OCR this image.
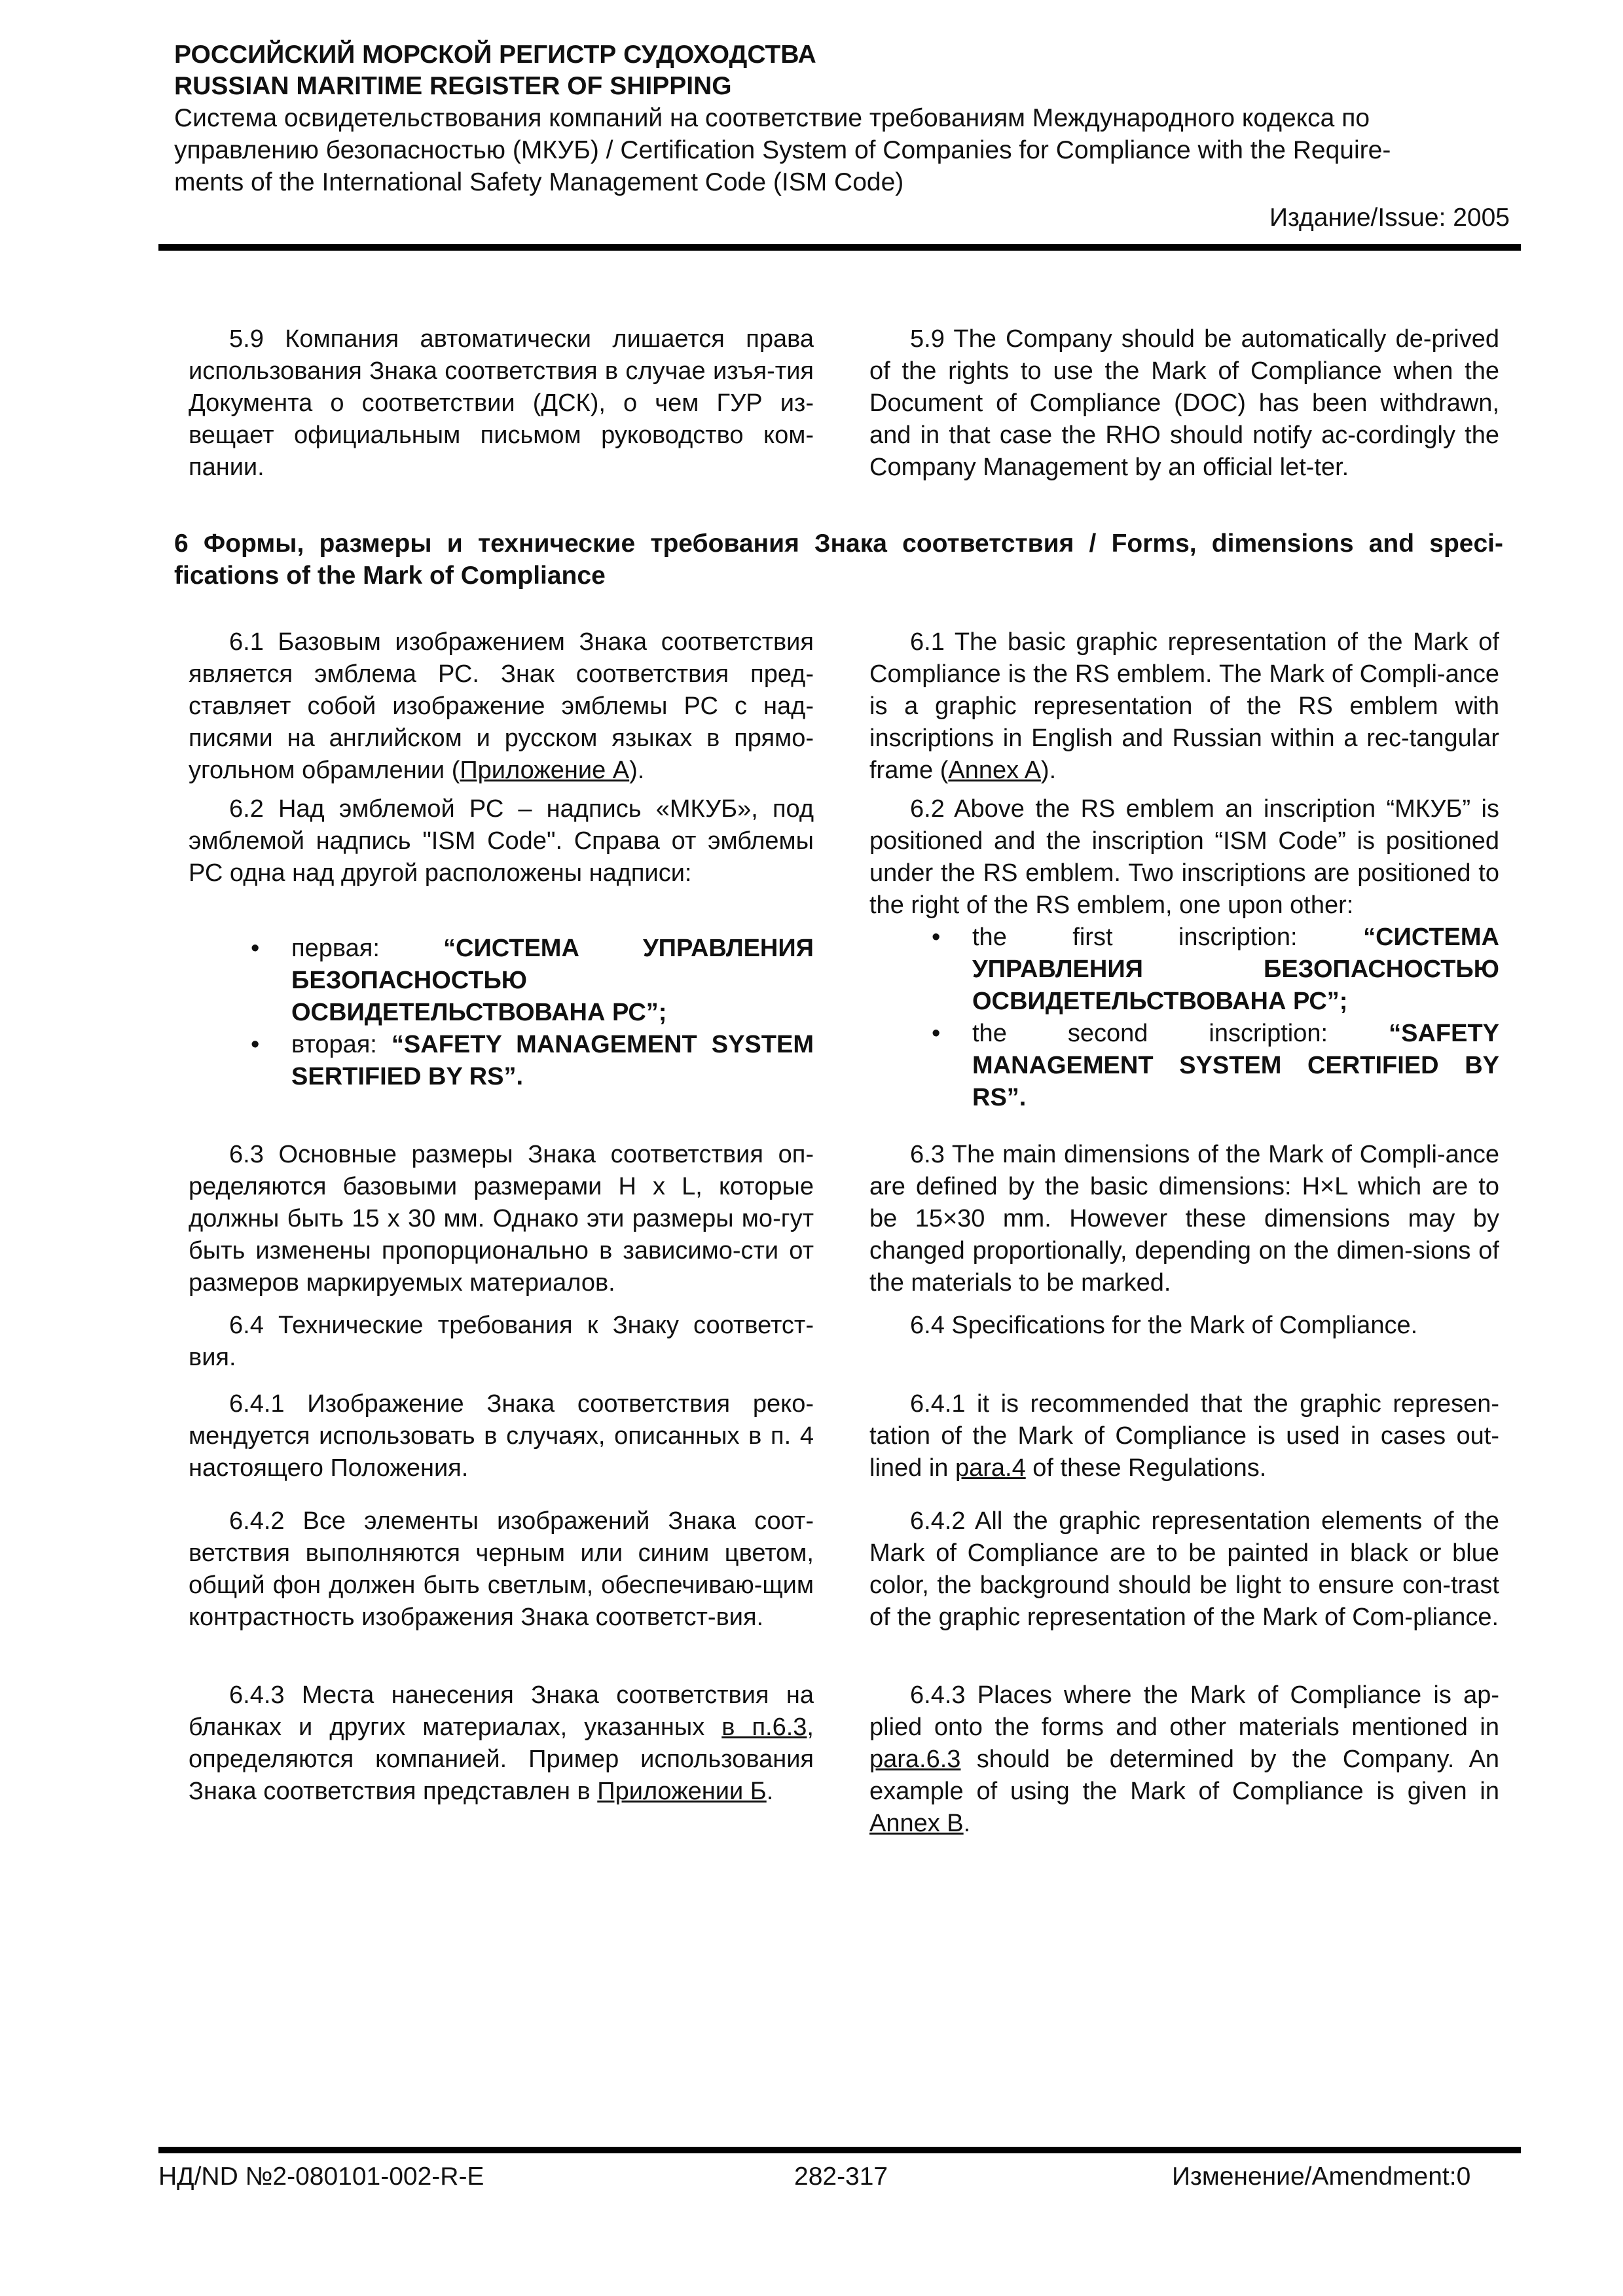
РОССИЙСКИЙ МОРСКОЙ РЕГИСТР СУДОХОДСТВА

RUSSIAN MARITIME REGISTER OF SHIPPING

Система освидетельствования компаний на соответствие требованиям Международного кодекса по

управлению безопасностью (МКУБ) / Certification System of Companies for Compliance with the Require-

ments of the International Safety Management Code (ISM Code)

Издание/Issue: 2005

5.9 Компания автоматически лишается права использования Знака соответствия в случае изъя-тия Документа о соответствии (ДСК), о чем ГУР из-вещает официальным письмом руководство ком-пании.

5.9 The Company should be automatically de-prived of the rights to use the Mark of Compliance when the Document of Compliance (DOC) has been withdrawn, and in that case the RHO should notify ac-cordingly the Company Management by an official let-ter.

6 Формы, размеры и технические требования Знака соответствия / Forms, dimensions and speci-fications of the Mark of Compliance

6.1 Базовым изображением Знака соответствия является эмблема РС. Знак соответствия пред-ставляет собой изображение эмблемы РС с над-писями на английском и русском языках в прямо-угольном обрамлении (Приложение А).

6.1 The basic graphic representation of the Mark of Compliance is the RS emblem. The Mark of Compli-ance is a graphic representation of the RS emblem with inscriptions in English and Russian within a rec-tangular frame (Annex A).

6.2 Над эмблемой РС – надпись «МКУБ», под эмблемой надпись "ISM Code". Справа от эмблемы РС одна над другой расположены надписи:

• первая: “СИСТЕМА УПРАВЛЕНИЯ БЕЗОПАСНОСТЬЮ ОСВИДЕТЕЛЬСТВОВАНА РС”;
• вторая: “SAFETY MANAGEMENT SYSTEM SERTIFIED BY RS”.

6.2 Above the RS emblem an inscription “МКУБ” is positioned and the inscription “ISM Code” is positioned under the RS emblem. Two inscriptions are positioned to the right of the RS emblem, one upon other:

• the first inscription: “СИСТЕМА УПРАВЛЕНИЯ БЕЗОПАСНОСТЬЮ ОСВИДЕТЕЛЬСТВОВАНА РС”;
• the second inscription: “SAFETY MANAGEMENT SYSTEM CERTIFIED BY RS”.

6.3 Основные размеры Знака соответствия оп-ределяются базовыми размерами H x L, которые должны быть 15 х 30 мм. Однако эти размеры мо-гут быть изменены пропорционально в зависимо-сти от размеров маркируемых материалов.

6.3 The main dimensions of the Mark of Compli-ance are defined by the basic dimensions: H×L which are to be 15×30 mm. However these dimensions may by changed proportionally, depending on the dimen-sions of the materials to be marked.

6.4 Технические требования к Знаку соответст-вия.

6.4 Specifications for the Mark of Compliance.

6.4.1 Изображение Знака соответствия реко-мендуется использовать в случаях, описанных в п. 4 настоящего Положения.

6.4.1 it is recommended that the graphic represen-tation of the Mark of Compliance is used in cases out-lined in para.4 of these Regulations.

6.4.2 Все элементы изображений Знака соот-ветствия выполняются черным или синим цветом, общий фон должен быть светлым, обеспечиваю-щим контрастность изображения Знака соответст-вия.

6.4.2 All the graphic representation elements of the Mark of Compliance are to be painted in black or blue color, the background should be light to ensure con-trast of the graphic representation of the Mark of Com-pliance.

6.4.3 Места нанесения Знака соответствия на бланках и других материалах, указанных в п.6.3, определяются компанией. Пример использования Знака соответствия представлен в Приложении Б.

6.4.3 Places where the Mark of Compliance is ap-plied onto the forms and other materials mentioned in para.6.3 should be determined by the Company. An example of using the Mark of Compliance is given in Annex B.

НД/ND №2-080101-002-R-E	282-317	Изменение/Amendment:0
